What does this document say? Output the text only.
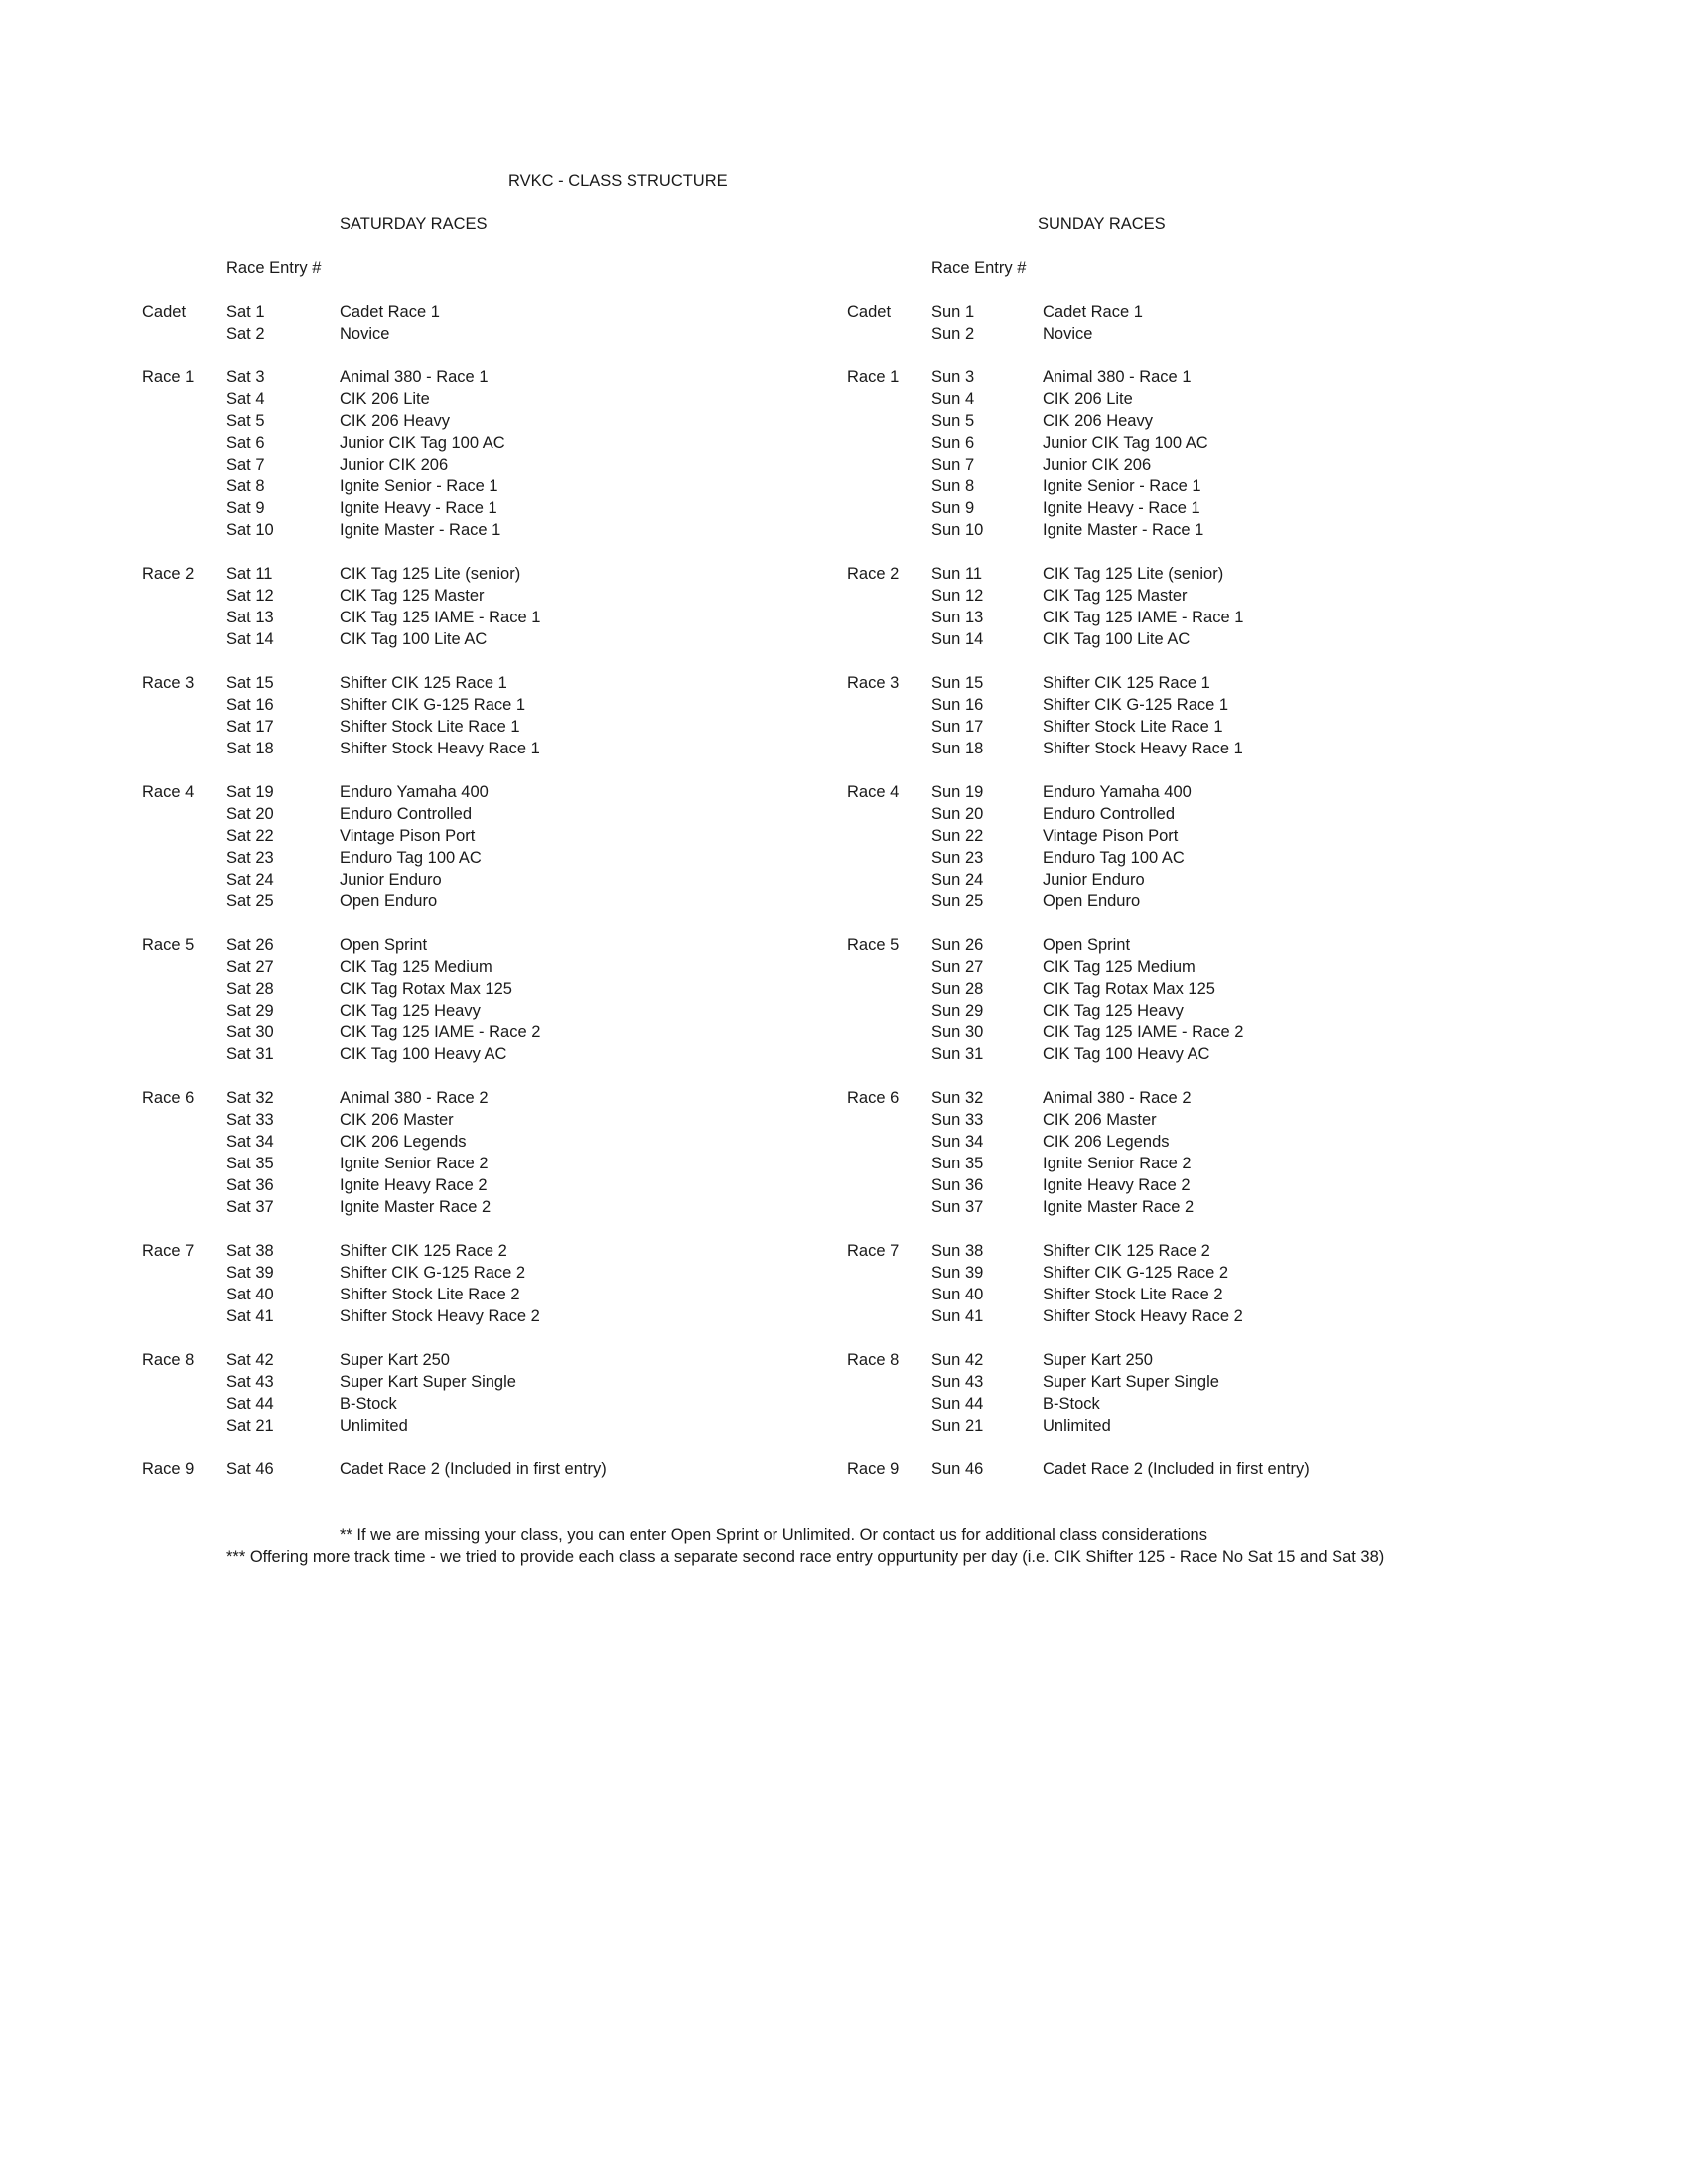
RVKC - CLASS STRUCTURE
SATURDAY RACES	SUNDAY RACES
Race Entry #	Race Entry #
Cadet Sat 1	Cadet Race 1
Sat 2	Novice
Race 1 Sat 3	Animal 380 - Race 1
Sat 4	CIK 206 Lite
Sat 5	CIK 206 Heavy
Sat 6	Junior CIK Tag 100 AC
Sat 7	Junior CIK 206
Sat 8	Ignite Senior - Race 1
Sat 9	Ignite Heavy - Race 1
Sat 10	Ignite Master - Race 1
Race 2 Sat 11	CIK Tag 125 Lite (senior)
Sat 12	CIK Tag 125 Master
Sat 13	CIK Tag 125 IAME - Race 1
Sat 14	CIK Tag 100 Lite AC
Race 3 Sat 15	Shifter CIK 125 Race 1
Sat 16	Shifter CIK G-125 Race 1
Sat 17	Shifter Stock Lite Race 1
Sat 18	Shifter Stock Heavy Race 1
Race 4 Sat 19	Enduro Yamaha 400
Sat 20	Enduro Controlled
Sat 22	Vintage Pison Port
Sat 23	Enduro Tag 100 AC
Sat 24	Junior Enduro
Sat 25	Open Enduro
Race 5 Sat 26	Open Sprint
Sat 27	CIK Tag 125 Medium
Sat 28	CIK Tag Rotax Max 125
Sat 29	CIK Tag 125 Heavy
Sat 30	CIK Tag 125 IAME - Race 2
Sat 31	CIK Tag 100 Heavy AC
Race 6 Sat 32	Animal 380 - Race 2
Sat 33	CIK 206 Master
Sat 34	CIK 206 Legends
Sat 35	Ignite Senior Race 2
Sat 36	Ignite Heavy Race 2
Sat 37	Ignite Master Race 2
Race 7 Sat 38	Shifter CIK 125 Race 2
Sat 39	Shifter CIK G-125 Race 2
Sat 40	Shifter Stock Lite Race 2
Sat 41	Shifter Stock Heavy Race 2
Race 8 Sat 42	Super Kart 250
Sat 43	Super Kart Super Single
Sat 44	B-Stock
Sat 21	Unlimited
Race 9 Sat 46	Cadet Race 2 (Included in first entry)
Cadet Sun 1	Cadet Race 1
Sun 2	Novice
Race 1 Sun 3	Animal 380 - Race 1
Sun 4	CIK 206 Lite
Sun 5	CIK 206 Heavy
Sun 6	Junior CIK Tag 100 AC
Sun 7	Junior CIK 206
Sun 8	Ignite Senior - Race 1
Sun 9	Ignite Heavy - Race 1
Sun 10	Ignite Master - Race 1
Race 2 Sun 11	CIK Tag 125 Lite (senior)
Sun 12	CIK Tag 125 Master
Sun 13	CIK Tag 125 IAME - Race 1
Sun 14	CIK Tag 100 Lite AC
Race 3 Sun 15	Shifter CIK 125 Race 1
Sun 16	Shifter CIK G-125 Race 1
Sun 17	Shifter Stock Lite Race 1
Sun 18	Shifter Stock Heavy Race 1
Race 4 Sun 19	Enduro Yamaha 400
Sun 20	Enduro Controlled
Sun 22	Vintage Pison Port
Sun 23	Enduro Tag 100 AC
Sun 24	Junior Enduro
Sun 25	Open Enduro
Race 5 Sun 26	Open Sprint
Sun 27	CIK Tag 125 Medium
Sun 28	CIK Tag Rotax Max 125
Sun 29	CIK Tag 125 Heavy
Sun 30	CIK Tag 125 IAME - Race 2
Sun 31	CIK Tag 100 Heavy AC
Race 6 Sun 32	Animal 380 - Race 2
Sun 33	CIK 206 Master
Sun 34	CIK 206 Legends
Sun 35	Ignite Senior Race 2
Sun 36	Ignite Heavy Race 2
Sun 37	Ignite Master Race 2
Race 7 Sun 38	Shifter CIK 125 Race 2
Sun 39	Shifter CIK G-125 Race 2
Sun 40	Shifter Stock Lite Race 2
Sun 41	Shifter Stock Heavy Race 2
Race 8 Sun 42	Super Kart 250
Sun 43	Super Kart Super Single
Sun 44	B-Stock
Sun 21	Unlimited
Race 9 Sun 46	Cadet Race 2 (Included in first entry)
** If we are missing your class, you can enter Open Sprint or Unlimited. Or contact us for additional class considerations
*** Offering more track time - we tried to provide each class a separate second race entry oppurtunity per day (i.e. CIK Shifter 125 - Race No Sat 15 and Sat 38)
